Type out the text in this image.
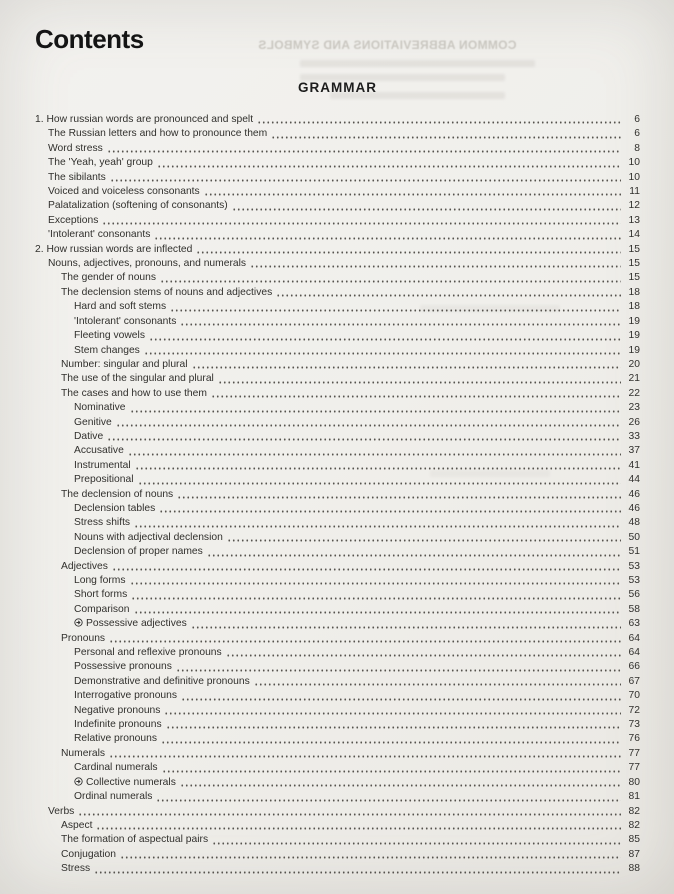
COMMON ABBREVIATIONS AND SYMBOLS
Contents
GRAMMAR
1. How russian words are pronounced and spelt	6
The Russian letters and how to pronounce them	6
Word stress	8
The 'Yeah, yeah' group	10
The sibilants	10
Voiced and voiceless consonants	11
Palatalization (softening of consonants)	12
Exceptions	13
'Intolerant' consonants	14
2. How russian words are inflected	15
Nouns, adjectives, pronouns, and numerals	15
The gender of nouns	15
The declension stems of nouns and adjectives	18
Hard and soft stems	18
'Intolerant' consonants	19
Fleeting vowels	19
Stem changes	19
Number: singular and plural	20
The use of the singular and plural	21
The cases and how to use them	22
Nominative	23
Genitive	26
Dative	33
Accusative	37
Instrumental	41
Prepositional	44
The declension of nouns	46
Declension tables	46
Stress shifts	48
Nouns with adjectival declension	50
Declension of proper names	51
Adjectives	53
Long forms	53
Short forms	56
Comparison	58
Possessive adjectives	63
Pronouns	64
Personal and reflexive pronouns	64
Possessive pronouns	66
Demonstrative and definitive pronouns	67
Interrogative pronouns	70
Negative pronouns	72
Indefinite pronouns	73
Relative pronouns	76
Numerals	77
Cardinal numerals	77
Collective numerals	80
Ordinal numerals	81
Verbs	82
Aspect	82
The formation of aspectual pairs	85
Conjugation	87
Stress	88
